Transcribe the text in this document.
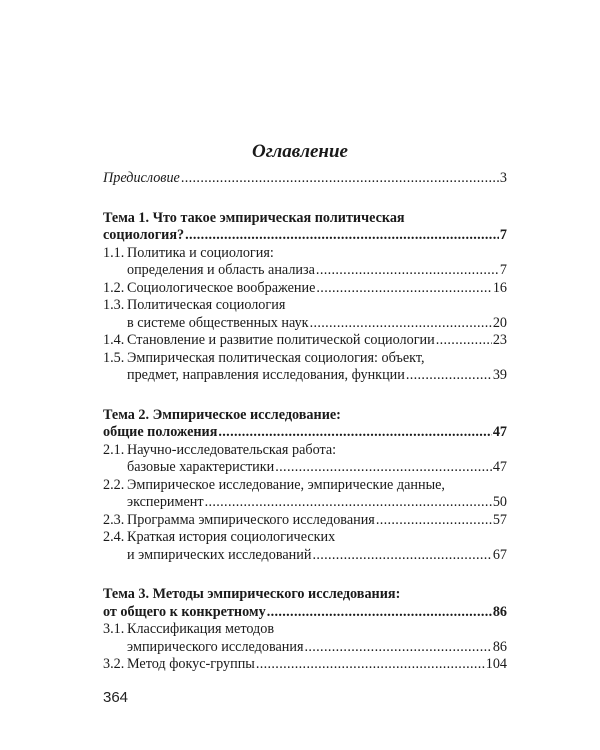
Оглавление
Предисловие . . .	3
Тема 1. Что такое эмпирическая политическая
социология? . . .	7
1.1. Политика и социология:
определения и область анализа . . .	7
1.2. Социологическое воображение . . .	16
1.3. Политическая социология
в системе общественных наук . . .	20
1.4. Становление и развитие политической социологии . . .	23
1.5. Эмпирическая политическая социология: объект,
предмет, направления исследования, функции . . .	39
Тема 2. Эмпирическое исследование:
общие положения . . .	47
2.1. Научно-исследовательская работа:
базовые характеристики . . .	47
2.2. Эмпирическое исследование, эмпирические данные,
эксперимент . . .	50
2.3. Программа эмпирического исследования . . .	57
2.4. Краткая история социологических
и эмпирических исследований . . .	67
Тема 3. Методы эмпирического исследования:
от общего к конкретному . . .	86
3.1. Классификация методов
эмпирического исследования . . .	86
3.2. Метод фокус-группы . . .	104
364
